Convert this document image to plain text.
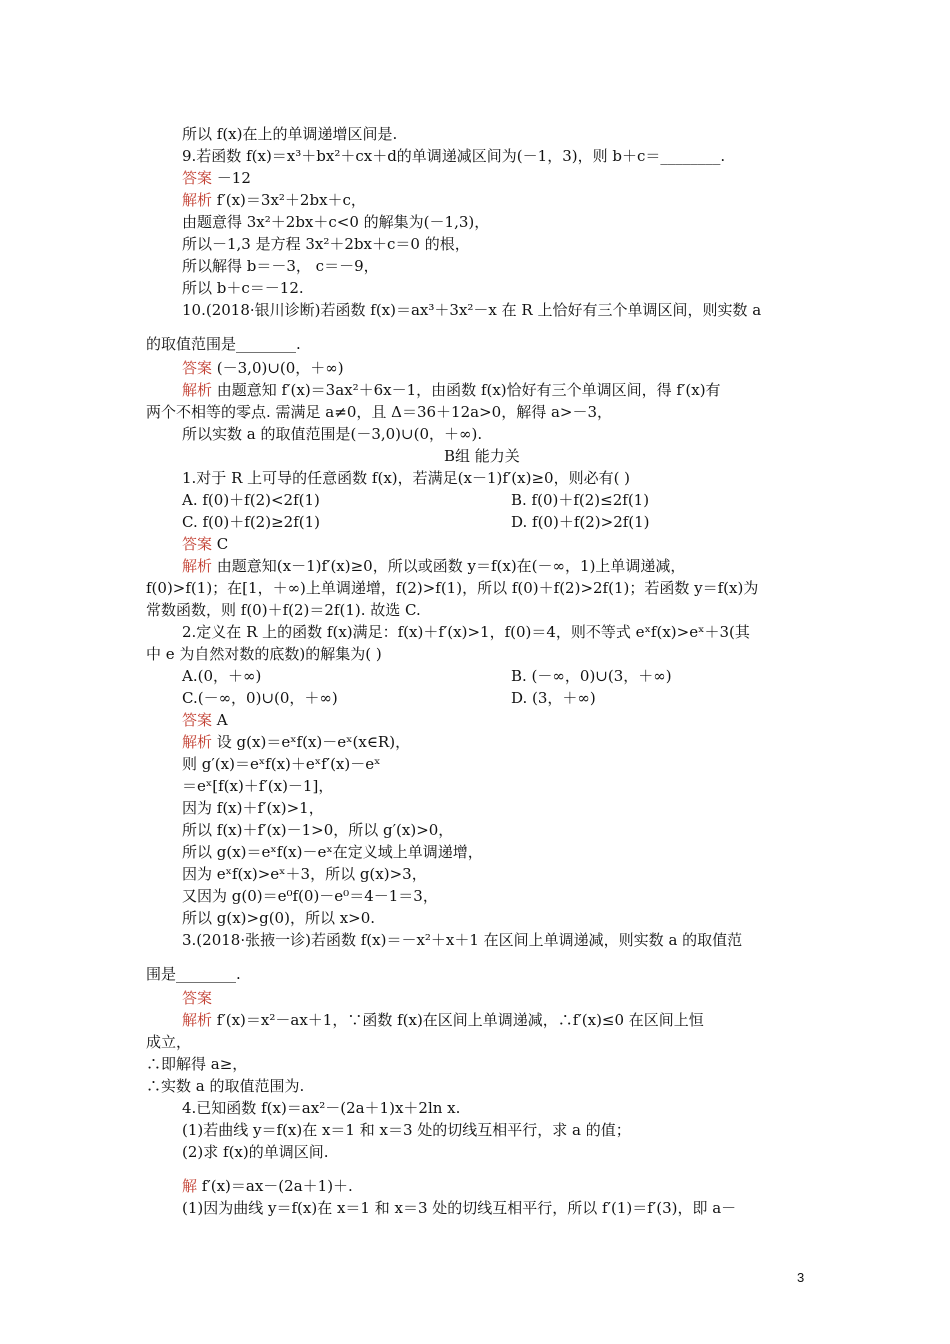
所以 f(x)在上的单调递增区间是.
9.若函数 f(x)＝x³＋bx²＋cx＋d的单调递减区间为(－1，3)，则 b＋c＝________.
答案 －12
解析 f′(x)＝3x²＋2bx＋c，
由题意得 3x²＋2bx＋c<0 的解集为(－1,3)，
所以－1,3 是方程 3x²＋2bx＋c＝0 的根，
所以解得 b＝－3， c＝－9，
所以 b＋c＝－12.
10.(2018·银川诊断)若函数 f(x)＝ax³＋3x²－x 在 R 上恰好有三个单调区间，则实数 a
的取值范围是________.
答案 (－3,0)∪(0，＋∞)
解析 由题意知 f′(x)＝3ax²＋6x－1，由函数 f(x)恰好有三个单调区间，得 f′(x)有
两个不相等的零点. 需满足 a≠0，且 Δ＝36＋12a>0，解得 a>－3，
所以实数 a 的取值范围是(－3,0)∪(0，＋∞).
B组 能力关
1.对于 R 上可导的任意函数 f(x)，若满足(x－1)f′(x)≥0，则必有( )
A. f(0)＋f(2)<2f(1)	B. f(0)＋f(2)≤2f(1)
C. f(0)＋f(2)≥2f(1)	D. f(0)＋f(2)>2f(1)
答案 C
解析 由题意知(x－1)f′(x)≥0，所以或函数 y＝f(x)在(－∞，1)上单调递减，
f(0)>f(1)；在[1，＋∞)上单调递增，f(2)>f(1)，所以 f(0)＋f(2)>2f(1)；若函数 y＝f(x)为
常数函数，则 f(0)＋f(2)＝2f(1). 故选 C.
2.定义在 R 上的函数 f(x)满足：f(x)＋f′(x)>1，f(0)＝4，则不等式 eˣf(x)>eˣ＋3(其
中 e 为自然对数的底数)的解集为( )
A.(0，＋∞)	B. (－∞，0)∪(3，＋∞)
C.(－∞，0)∪(0，＋∞)	D. (3，＋∞)
答案 A
解析 设 g(x)＝eˣf(x)－eˣ(x∈R)，
则 g′(x)＝eˣf(x)＋eˣf′(x)－eˣ
＝eˣ[f(x)＋f′(x)－1]，
因为 f(x)＋f′(x)>1，
所以 f(x)＋f′(x)－1>0，所以 g′(x)>0，
所以 g(x)＝eˣf(x)－eˣ在定义域上单调递增，
因为 eˣf(x)>eˣ＋3，所以 g(x)>3，
又因为 g(0)＝e⁰f(0)－e⁰＝4－1＝3，
所以 g(x)>g(0)，所以 x>0.
3.(2018·张掖一诊)若函数 f(x)＝－x²＋x＋1 在区间上单调递减，则实数 a 的取值范
围是________.
答案
解析 f′(x)＝x²－ax＋1，∵函数 f(x)在区间上单调递减，∴f′(x)≤0 在区间上恒
成立，
∴即解得 a≥，
∴实数 a 的取值范围为.
4.已知函数 f(x)＝ax²－(2a＋1)x＋2ln x.
(1)若曲线 y＝f(x)在 x＝1 和 x＝3 处的切线互相平行，求 a 的值；
(2)求 f(x)的单调区间.
解 f′(x)＝ax－(2a＋1)＋.
(1)因为曲线 y＝f(x)在 x＝1 和 x＝3 处的切线互相平行，所以 f′(1)＝f′(3)，即 a－
3
